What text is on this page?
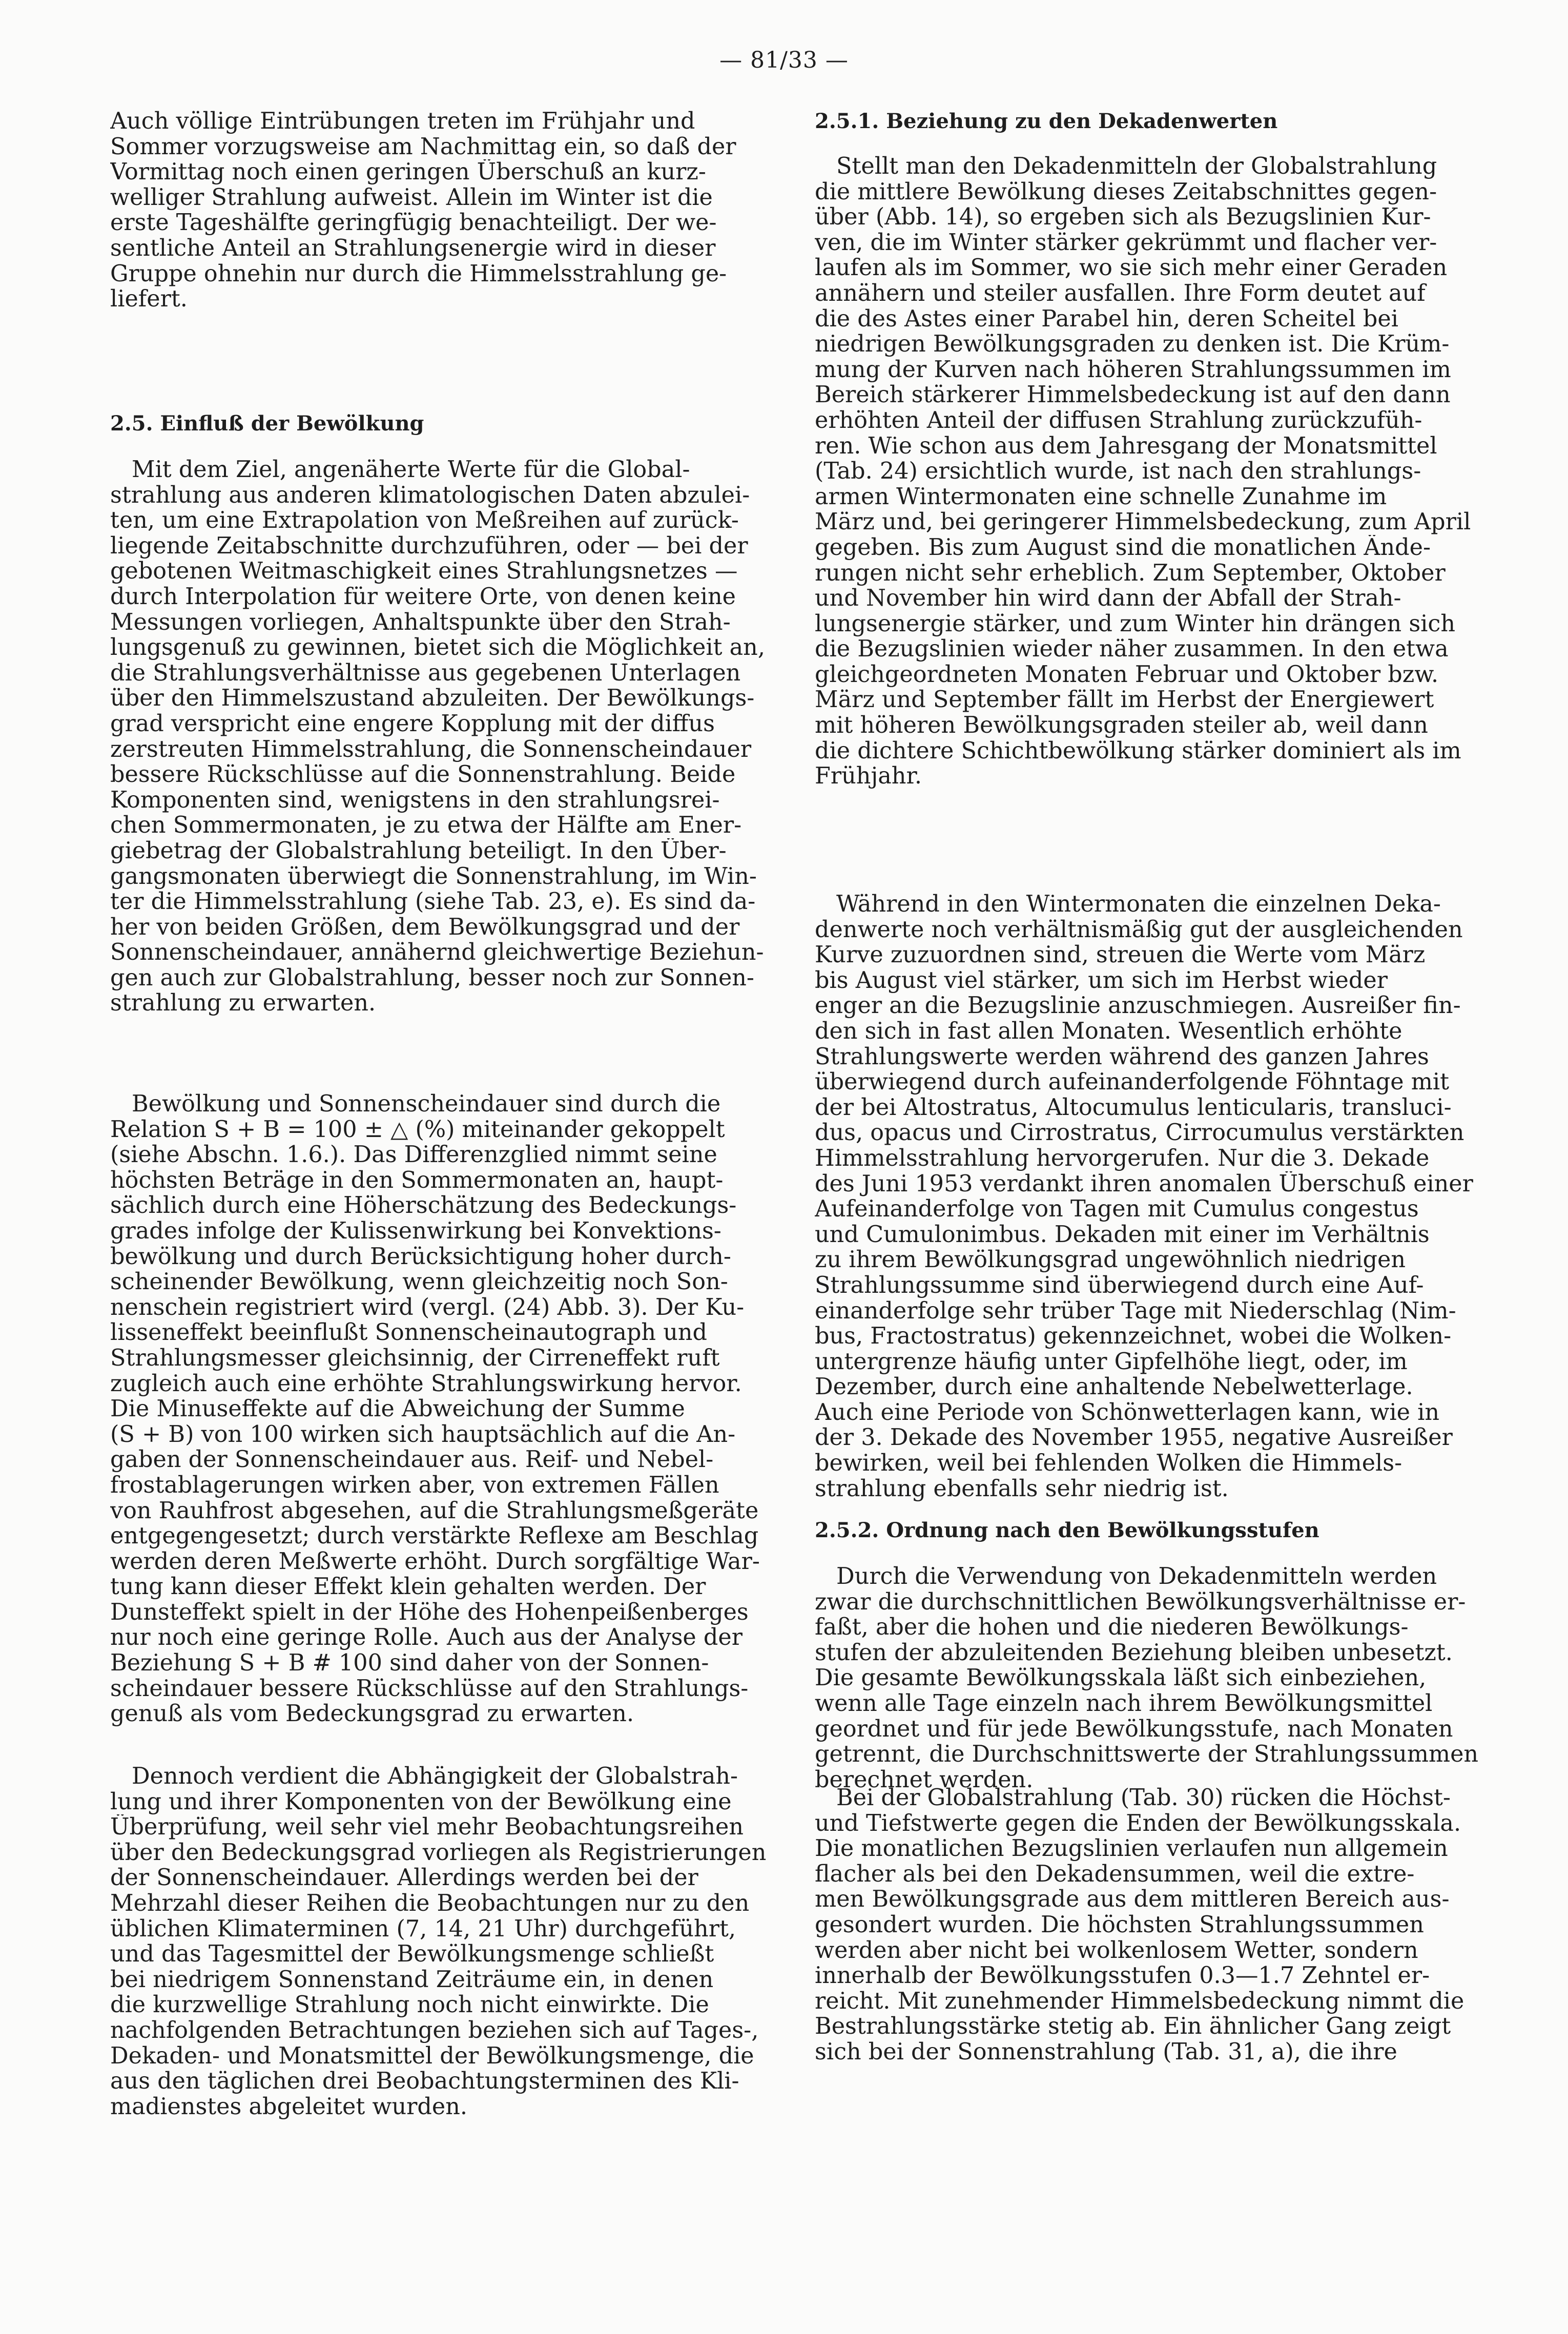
— 81/33 —
Auch völlige Eintrübungen treten im Frühjahr und
Sommer vorzugsweise am Nachmittag ein, so daß der
Vormittag noch einen geringen Überschuß an kurz-
welliger Strahlung aufweist. Allein im Winter ist die
erste Tageshälfte geringfügig benachteiligt. Der we-
sentliche Anteil an Strahlungsenergie wird in dieser
Gruppe ohnehin nur durch die Himmelsstrahlung ge-
liefert.
2.5. Einfluß der Bewölkung
Mit dem Ziel, angenäherte Werte für die Global-
strahlung aus anderen klimatologischen Daten abzulei-
ten, um eine Extrapolation von Meßreihen auf zurück-
liegende Zeitabschnitte durchzuführen, oder — bei der
gebotenen Weitmaschigkeit eines Strahlungsnetzes —
durch Interpolation für weitere Orte, von denen keine
Messungen vorliegen, Anhaltspunkte über den Strah-
lungsgenuß zu gewinnen, bietet sich die Möglichkeit an,
die Strahlungsverhältnisse aus gegebenen Unterlagen
über den Himmelszustand abzuleiten. Der Bewölkungs-
grad verspricht eine engere Kopplung mit der diffus
zerstreuten Himmelsstrahlung, die Sonnenscheindauer
bessere Rückschlüsse auf die Sonnenstrahlung. Beide
Komponenten sind, wenigstens in den strahlungsrei-
chen Sommermonaten, je zu etwa der Hälfte am Ener-
giebetrag der Globalstrahlung beteiligt. In den Über-
gangsmonaten überwiegt die Sonnenstrahlung, im Win-
ter die Himmelsstrahlung (siehe Tab. 23, e). Es sind da-
her von beiden Größen, dem Bewölkungsgrad und der
Sonnenscheindauer, annähernd gleichwertige Beziehun-
gen auch zur Globalstrahlung, besser noch zur Sonnen-
strahlung zu erwarten.
Bewölkung und Sonnenscheindauer sind durch die
Relation S + B = 100 ± △ (%) miteinander gekoppelt
(siehe Abschn. 1.6.). Das Differenzglied nimmt seine
höchsten Beträge in den Sommermonaten an, haupt-
sächlich durch eine Höherschätzung des Bedeckungs-
grades infolge der Kulissenwirkung bei Konvektions-
bewölkung und durch Berücksichtigung hoher durch-
scheinender Bewölkung, wenn gleichzeitig noch Son-
nenschein registriert wird (vergl. (24) Abb. 3). Der Ku-
lisseneffekt beeinflußt Sonnenscheinautograph und
Strahlungsmesser gleichsinnig, der Cirreneffekt ruft
zugleich auch eine erhöhte Strahlungswirkung hervor.
Die Minuseffekte auf die Abweichung der Summe
(S + B) von 100 wirken sich hauptsächlich auf die An-
gaben der Sonnenscheindauer aus. Reif- und Nebel-
frostablagerungen wirken aber, von extremen Fällen
von Rauhfrost abgesehen, auf die Strahlungsmeßgeräte
entgegengesetzt; durch verstärkte Reflexe am Beschlag
werden deren Meßwerte erhöht. Durch sorgfältige War-
tung kann dieser Effekt klein gehalten werden. Der
Dunsteffekt spielt in der Höhe des Hohenpeißenberges
nur noch eine geringe Rolle. Auch aus der Analyse der
Beziehung S + B # 100 sind daher von der Sonnen-
scheindauer bessere Rückschlüsse auf den Strahlungs-
genuß als vom Bedeckungsgrad zu erwarten.
Dennoch verdient die Abhängigkeit der Globalstrah-
lung und ihrer Komponenten von der Bewölkung eine
Überprüfung, weil sehr viel mehr Beobachtungsreihen
über den Bedeckungsgrad vorliegen als Registrierungen
der Sonnenscheindauer. Allerdings werden bei der
Mehrzahl dieser Reihen die Beobachtungen nur zu den
üblichen Klimaterminen (7, 14, 21 Uhr) durchgeführt,
und das Tagesmittel der Bewölkungsmenge schließt
bei niedrigem Sonnenstand Zeiträume ein, in denen
die kurzwellige Strahlung noch nicht einwirkte. Die
nachfolgenden Betrachtungen beziehen sich auf Tages-,
Dekaden- und Monatsmittel der Bewölkungsmenge, die
aus den täglichen drei Beobachtungsterminen des Kli-
madienstes abgeleitet wurden.
2.5.1. Beziehung zu den Dekadenwerten
Stellt man den Dekadenmitteln der Globalstrahlung
die mittlere Bewölkung dieses Zeitabschnittes gegen-
über (Abb. 14), so ergeben sich als Bezugslinien Kur-
ven, die im Winter stärker gekrümmt und flacher ver-
laufen als im Sommer, wo sie sich mehr einer Geraden
annähern und steiler ausfallen. Ihre Form deutet auf
die des Astes einer Parabel hin, deren Scheitel bei
niedrigen Bewölkungsgraden zu denken ist. Die Krüm-
mung der Kurven nach höheren Strahlungssummen im
Bereich stärkerer Himmelsbedeckung ist auf den dann
erhöhten Anteil der diffusen Strahlung zurückzufüh-
ren. Wie schon aus dem Jahresgang der Monatsmittel
(Tab. 24) ersichtlich wurde, ist nach den strahlungs-
armen Wintermonaten eine schnelle Zunahme im
März und, bei geringerer Himmelsbedeckung, zum April
gegeben. Bis zum August sind die monatlichen Ände-
rungen nicht sehr erheblich. Zum September, Oktober
und November hin wird dann der Abfall der Strah-
lungsenergie stärker, und zum Winter hin drängen sich
die Bezugslinien wieder näher zusammen. In den etwa
gleichgeordneten Monaten Februar und Oktober bzw.
März und September fällt im Herbst der Energiewert
mit höheren Bewölkungsgraden steiler ab, weil dann
die dichtere Schichtbewölkung stärker dominiert als im
Frühjahr.
Während in den Wintermonaten die einzelnen Deka-
denwerte noch verhältnismäßig gut der ausgleichenden
Kurve zuzuordnen sind, streuen die Werte vom März
bis August viel stärker, um sich im Herbst wieder
enger an die Bezugslinie anzuschmiegen. Ausreißer fin-
den sich in fast allen Monaten. Wesentlich erhöhte
Strahlungswerte werden während des ganzen Jahres
überwiegend durch aufeinanderfolgende Föhntage mit
der bei Altostratus, Altocumulus lenticularis, transluci-
dus, opacus und Cirrostratus, Cirrocumulus verstärkten
Himmelsstrahlung hervorgerufen. Nur die 3. Dekade
des Juni 1953 verdankt ihren anomalen Überschuß einer
Aufeinanderfolge von Tagen mit Cumulus congestus
und Cumulonimbus. Dekaden mit einer im Verhältnis
zu ihrem Bewölkungsgrad ungewöhnlich niedrigen
Strahlungssumme sind überwiegend durch eine Auf-
einanderfolge sehr trüber Tage mit Niederschlag (Nim-
bus, Fractostratus) gekennzeichnet, wobei die Wolken-
untergrenze häufig unter Gipfelhöhe liegt, oder, im
Dezember, durch eine anhaltende Nebelwetterlage.
Auch eine Periode von Schönwetterlagen kann, wie in
der 3. Dekade des November 1955, negative Ausreißer
bewirken, weil bei fehlenden Wolken die Himmels-
strahlung ebenfalls sehr niedrig ist.
2.5.2. Ordnung nach den Bewölkungsstufen
Durch die Verwendung von Dekadenmitteln werden
zwar die durchschnittlichen Bewölkungsverhältnisse er-
faßt, aber die hohen und die niederen Bewölkungs-
stufen der abzuleitenden Beziehung bleiben unbesetzt.
Die gesamte Bewölkungsskala läßt sich einbeziehen,
wenn alle Tage einzeln nach ihrem Bewölkungsmittel
geordnet und für jede Bewölkungsstufe, nach Monaten
getrennt, die Durchschnittswerte der Strahlungssummen
berechnet werden.
Bei der Globalstrahlung (Tab. 30) rücken die Höchst-
und Tiefstwerte gegen die Enden der Bewölkungsskala.
Die monatlichen Bezugslinien verlaufen nun allgemein
flacher als bei den Dekadensummen, weil die extre-
men Bewölkungsgrade aus dem mittleren Bereich aus-
gesondert wurden. Die höchsten Strahlungssummen
werden aber nicht bei wolkenlosem Wetter, sondern
innerhalb der Bewölkungsstufen 0.3—1.7 Zehntel er-
reicht. Mit zunehmender Himmelsbedeckung nimmt die
Bestrahlungsstärke stetig ab. Ein ähnlicher Gang zeigt
sich bei der Sonnenstrahlung (Tab. 31, a), die ihre
